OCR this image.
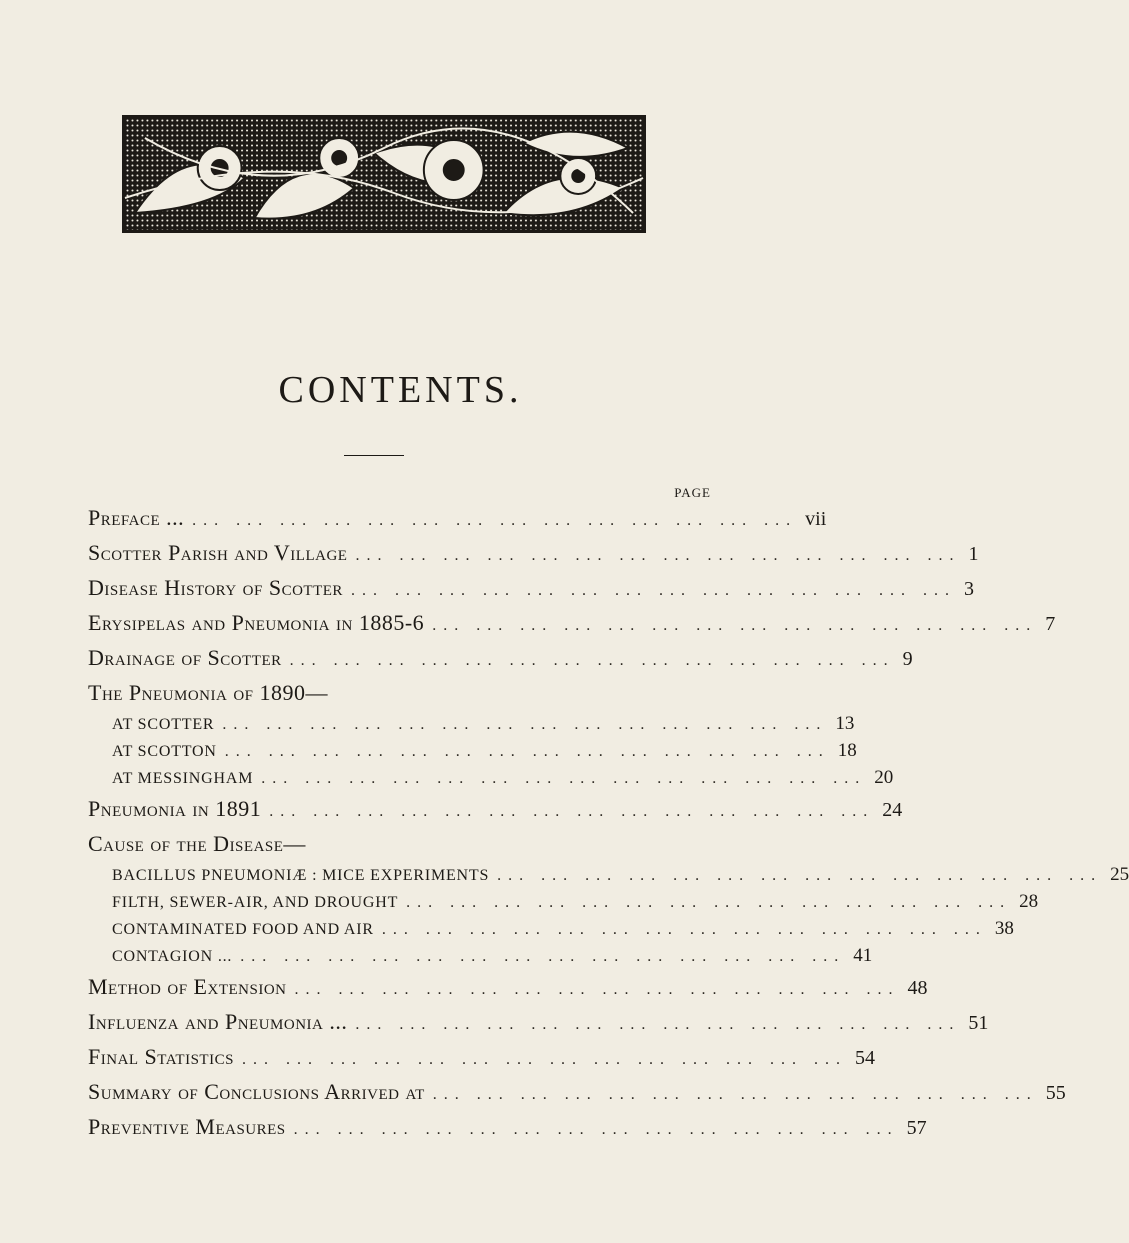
CONTENTS.
PAGE
Preface ... ... ... ... ... ... ... ... ... ... ... ... ... ... ... vii
Scotter Parish and Village ... ... ... ... ... ... ... ... ... ... ... ... ... ... 1
Disease History of Scotter ... ... ... ... ... ... ... ... ... ... ... ... ... ... 3
Erysipelas and Pneumonia in 1885-6 ... ... ... ... ... ... ... ... ... ... ... ... ... ... 7
Drainage of Scotter ... ... ... ... ... ... ... ... ... ... ... ... ... ... 9
The Pneumonia of 1890—
AT SCOTTER ... ... ... ... ... ... ... ... ... ... ... ... ... ... 13
AT SCOTTON ... ... ... ... ... ... ... ... ... ... ... ... ... ... 18
AT MESSINGHAM ... ... ... ... ... ... ... ... ... ... ... ... ... ... 20
Pneumonia in 1891 ... ... ... ... ... ... ... ... ... ... ... ... ... ... 24
Cause of the Disease—
BACILLUS PNEUMONIÆ : MICE EXPERIMENTS ... ... ... ... ... ... ... ... ... ... ... ... ... ... 25
FILTH, SEWER-AIR, AND DROUGHT ... ... ... ... ... ... ... ... ... ... ... ... ... ... 28
CONTAMINATED FOOD AND AIR ... ... ... ... ... ... ... ... ... ... ... ... ... ... 38
CONTAGION ... ... ... ... ... ... ... ... ... ... ... ... ... ... ... 41
Method of Extension ... ... ... ... ... ... ... ... ... ... ... ... ... ... 48
Influenza and Pneumonia ... ... ... ... ... ... ... ... ... ... ... ... ... ... ... 51
Final Statistics ... ... ... ... ... ... ... ... ... ... ... ... ... ... 54
Summary of Conclusions Arrived at ... ... ... ... ... ... ... ... ... ... ... ... ... ... 55
Preventive Measures ... ... ... ... ... ... ... ... ... ... ... ... ... ... 57
